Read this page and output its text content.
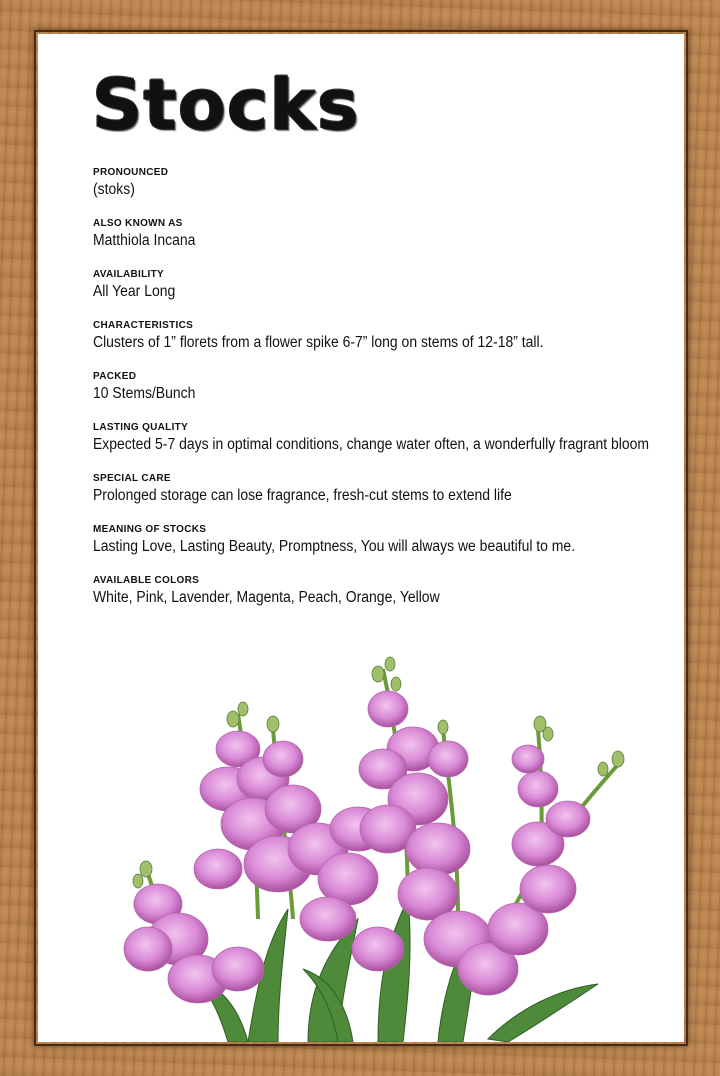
Stocks
PRONOUNCED
(stoks)
ALSO KNOWN AS
Matthiola Incana
AVAILABILITY
All Year Long
CHARACTERISTICS
Clusters of 1” florets from a flower spike 6-7” long on stems of 12-18” tall.
PACKED
10 Stems/Bunch
LASTING QUALITY
Expected 5-7 days in optimal conditions, change water often, a wonderfully fragrant bloom
SPECIAL CARE
Prolonged storage can lose fragrance, fresh-cut stems to extend life
MEANING OF STOCKS
Lasting Love, Lasting Beauty, Promptness, You will always we beautiful to me.
AVAILABLE COLORS
White, Pink, Lavender, Magenta, Peach, Orange, Yellow
